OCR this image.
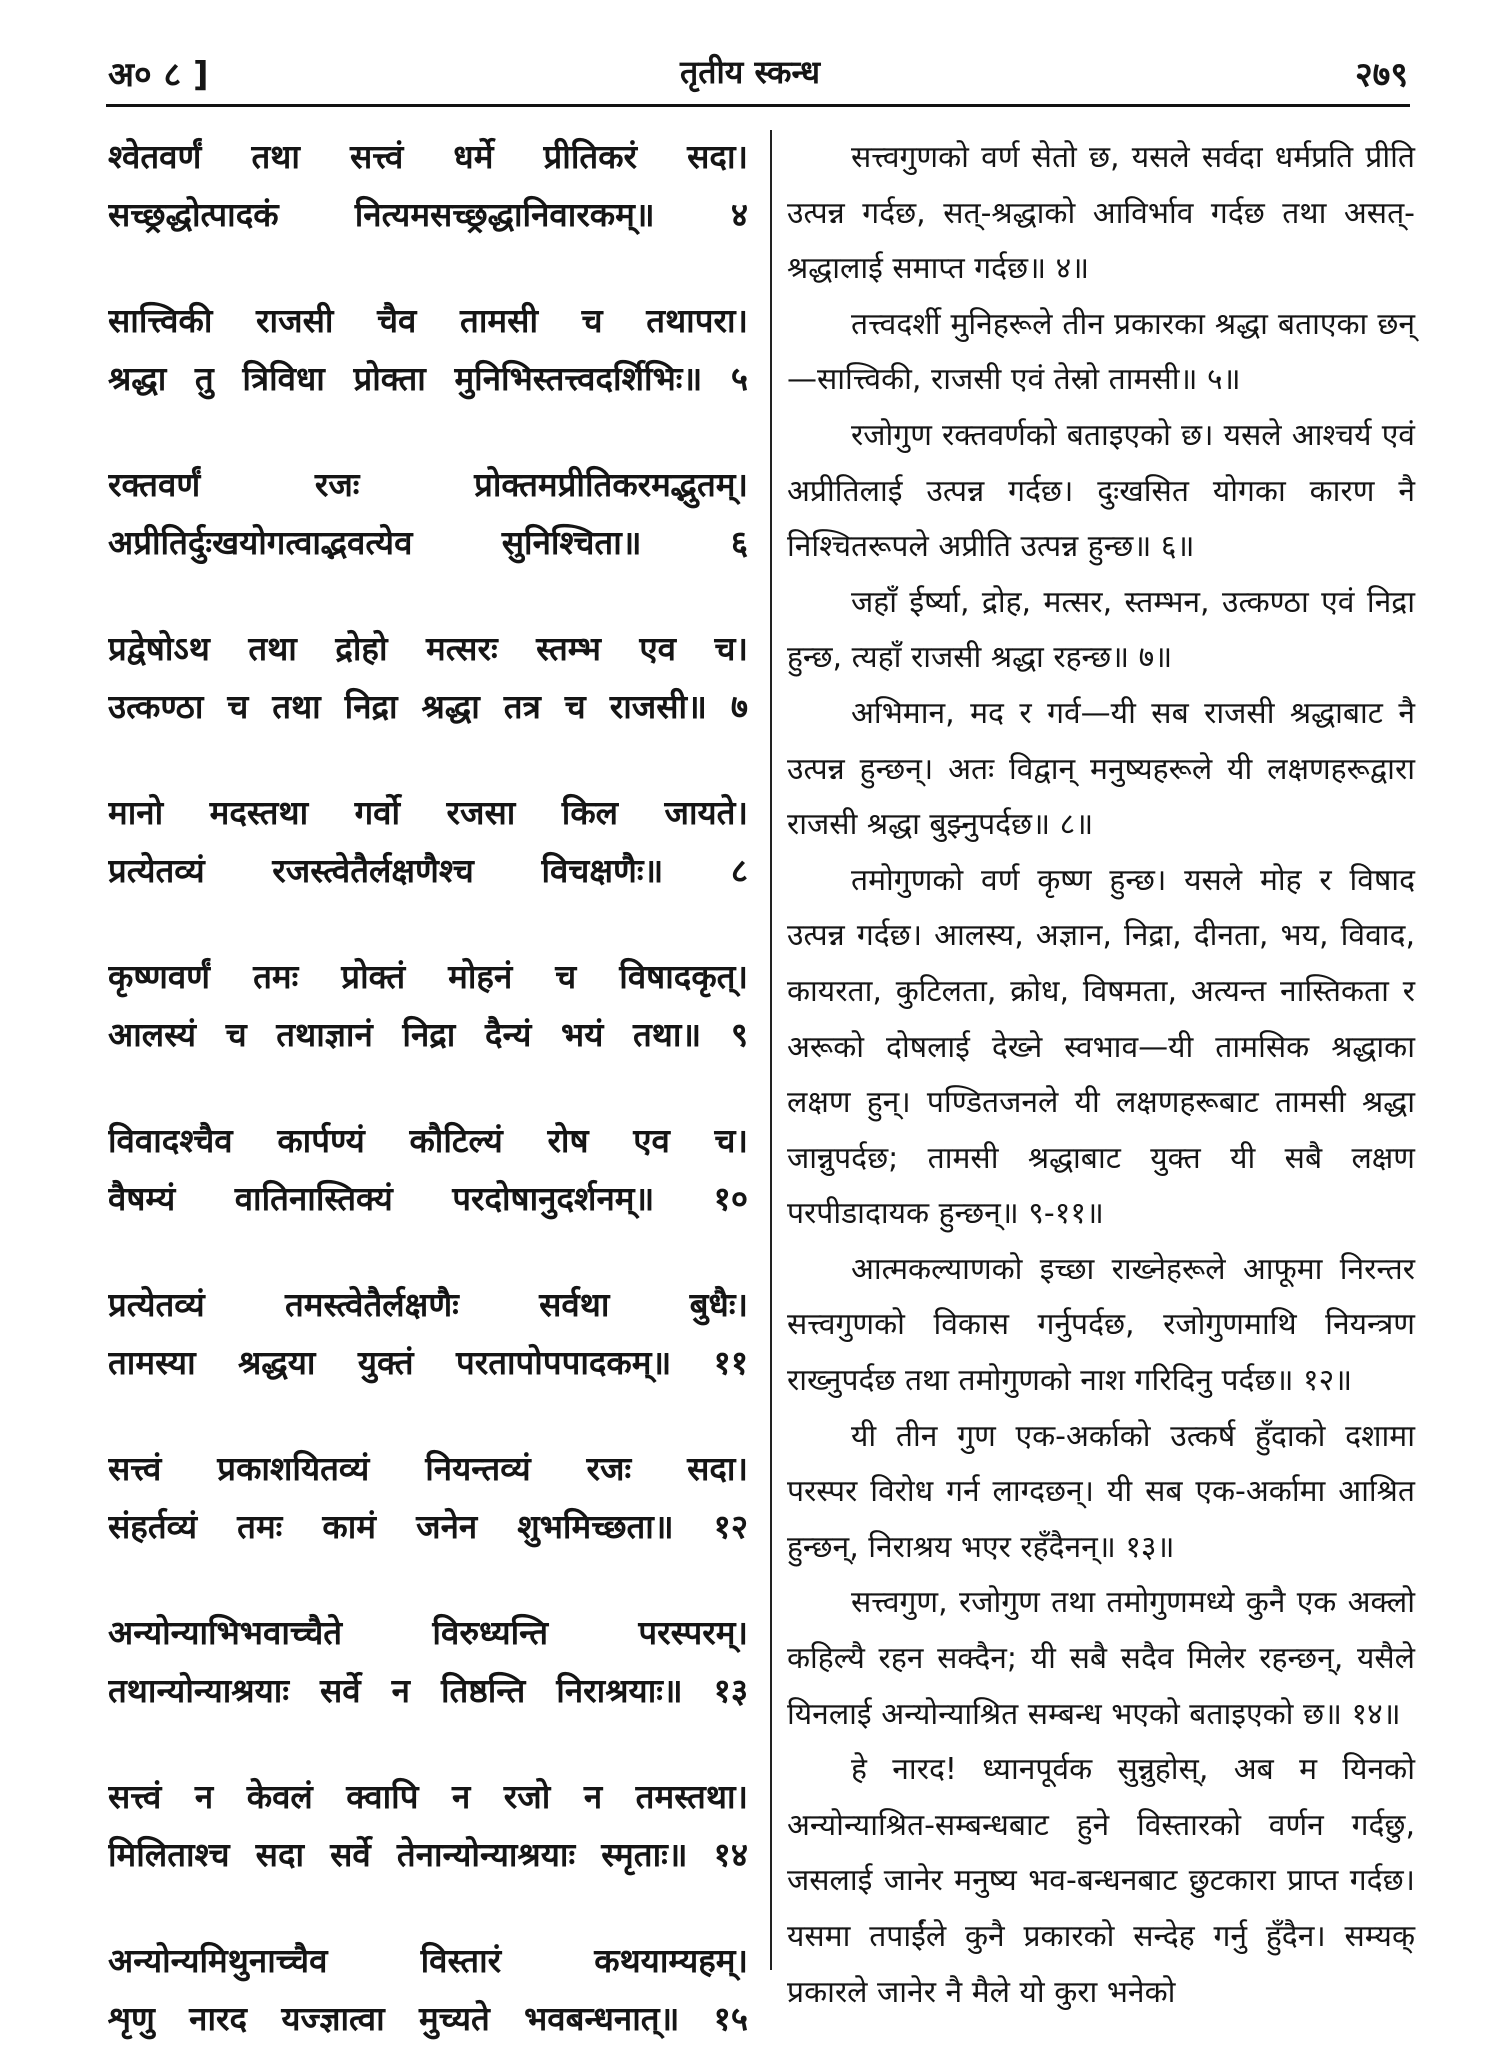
अ० ८ ]	तृतीय स्कन्ध	२७९
श्वेतवर्णं तथा सत्त्वं धर्मे प्रीतिकरं सदा।
सच्छ्रद्धोत्पादकं नित्यमसच्छ्रद्धानिवारकम्॥ ४
सात्त्विकी राजसी चैव तामसी च तथापरा।
श्रद्धा तु त्रिविधा प्रोक्ता मुनिभिस्तत्त्वदर्शिभिः॥ ५
रक्तवर्णं रजः प्रोक्तमप्रीतिकरमद्भुतम्।
अप्रीतिर्दुःखयोगत्वाद्भवत्येव सुनिश्चिता॥ ६
प्रद्वेषोऽथ तथा द्रोहो मत्सरः स्तम्भ एव च।
उत्कण्ठा च तथा निद्रा श्रद्धा तत्र च राजसी॥ ७
मानो मदस्तथा गर्वो रजसा किल जायते।
प्रत्येतव्यं रजस्त्वेतैर्लक्षणैश्च विचक्षणैः॥ ८
कृष्णवर्णं तमः प्रोक्तं मोहनं च विषादकृत्।
आलस्यं च तथाज्ञानं निद्रा दैन्यं भयं तथा॥ ९
विवादश्चैव कार्पण्यं कौटिल्यं रोष एव च।
वैषम्यं वातिनास्तिक्यं परदोषानुदर्शनम्॥ १०
प्रत्येतव्यं तमस्त्वेतैर्लक्षणैः सर्वथा बुधैः।
तामस्या श्रद्धया युक्तं परतापोपपादकम्॥ ११
सत्त्वं प्रकाशयितव्यं नियन्तव्यं रजः सदा।
संहर्तव्यं तमः कामं जनेन शुभमिच्छता॥ १२
अन्योन्याभिभवाच्चैते विरुध्यन्ति परस्परम्।
तथान्योन्याश्रयाः सर्वे न तिष्ठन्ति निराश्रयाः॥ १३
सत्त्वं न केवलं क्वापि न रजो न तमस्तथा।
मिलिताश्च सदा सर्वे तेनान्योन्याश्रयाः स्मृताः॥ १४
अन्योन्यमिथुनाच्चैव विस्तारं कथयाम्यहम्।
शृणु नारद यज्ज्ञात्वा मुच्यते भवबन्धनात्॥ १५

सत्त्वगुणको वर्ण सेतो छ, यसले सर्वदा धर्मप्रति प्रीति उत्पन्न गर्दछ, सत्-श्रद्धाको आविर्भाव गर्दछ तथा असत्-श्रद्धालाई समाप्त गर्दछ॥ ४॥

तत्त्वदर्शी मुनिहरूले तीन प्रकारका श्रद्धा बताएका छन्—सात्त्विकी, राजसी एवं तेस्रो तामसी॥ ५॥

रजोगुण रक्तवर्णको बताइएको छ। यसले आश्चर्य एवं अप्रीतिलाई उत्पन्न गर्दछ। दुःखसित योगका कारण नै निश्चितरूपले अप्रीति उत्पन्न हुन्छ॥ ६॥

जहाँ ईर्ष्या, द्रोह, मत्सर, स्तम्भन, उत्कण्ठा एवं निद्रा हुन्छ, त्यहाँ राजसी श्रद्धा रहन्छ॥ ७॥

अभिमान, मद र गर्व—यी सब राजसी श्रद्धाबाट नै उत्पन्न हुन्छन्। अतः विद्वान् मनुष्यहरूले यी लक्षणहरूद्वारा राजसी श्रद्धा बुझ्नुपर्दछ॥ ८॥

तमोगुणको वर्ण कृष्ण हुन्छ। यसले मोह र विषाद उत्पन्न गर्दछ। आलस्य, अज्ञान, निद्रा, दीनता, भय, विवाद, कायरता, कुटिलता, क्रोध, विषमता, अत्यन्त नास्तिकता र अरूको दोषलाई देख्ने स्वभाव—यी तामसिक श्रद्धाका लक्षण हुन्। पण्डितजनले यी लक्षणहरूबाट तामसी श्रद्धा जान्नुपर्दछ; तामसी श्रद्धाबाट युक्त यी सबै लक्षण परपीडादायक हुन्छन्॥ ९-११॥

आत्मकल्याणको इच्छा राख्नेहरूले आफूमा निरन्तर सत्त्वगुणको विकास गर्नुपर्दछ, रजोगुणमाथि नियन्त्रण राख्नुपर्दछ तथा तमोगुणको नाश गरिदिनु पर्दछ॥ १२॥

यी तीन गुण एक-अर्काको उत्कर्ष हुँदाको दशामा परस्पर विरोध गर्न लाग्दछन्। यी सब एक-अर्कामा आश्रित हुन्छन्, निराश्रय भएर रहँदैनन्॥ १३॥

सत्त्वगुण, रजोगुण तथा तमोगुणमध्ये कुनै एक अक्लो कहिल्यै रहन सक्दैन; यी सबै सदैव मिलेर रहन्छन्, यसैले यिनलाई अन्योन्याश्रित सम्बन्ध भएको बताइएको छ॥ १४॥

हे नारद! ध्यानपूर्वक सुन्नुहोस्, अब म यिनको अन्योन्याश्रित-सम्बन्धबाट हुने विस्तारको वर्णन गर्दछु, जसलाई जानेर मनुष्य भव-बन्धनबाट छुटकारा प्राप्त गर्दछ। यसमा तपाईंले कुनै प्रकारको सन्देह गर्नु हुँदैन। सम्यक् प्रकारले जानेर नै मैले यो कुरा भनेको
